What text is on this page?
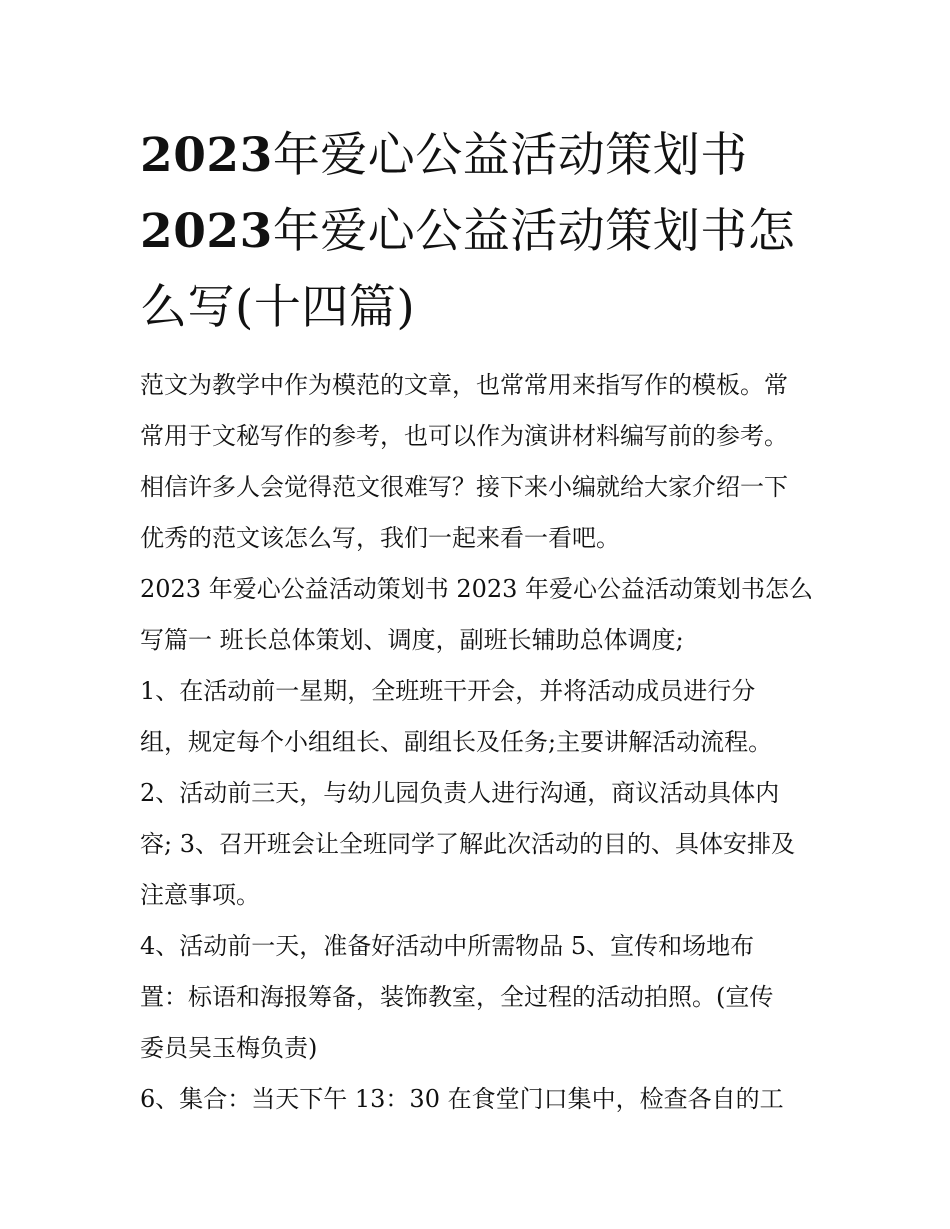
2023年爱心公益活动策划书
2023年爱心公益活动策划书怎
么写(十四篇)

范文为教学中作为模范的文章，也常常用来指写作的模板。常

常用于文秘写作的参考，也可以作为演讲材料编写前的参考。

相信许多人会觉得范文很难写？接下来小编就给大家介绍一下

优秀的范文该怎么写，我们一起来看一看吧。

2023 年爱心公益活动策划书 2023 年爱心公益活动策划书怎么

写篇一 班长总体策划、调度，副班长辅助总体调度;

1、在活动前一星期，全班班干开会，并将活动成员进行分

组，规定每个小组组长、副组长及任务;主要讲解活动流程。

2、活动前三天，与幼儿园负责人进行沟通，商议活动具体内

容; 3、召开班会让全班同学了解此次活动的目的、具体安排及

注意事项。

4、活动前一天，准备好活动中所需物品 5、宣传和场地布

置：标语和海报筹备，装饰教室，全过程的活动拍照。(宣传

委员吴玉梅负责)

6、集合：当天下午 13：30 在食堂门口集中，检查各自的工
